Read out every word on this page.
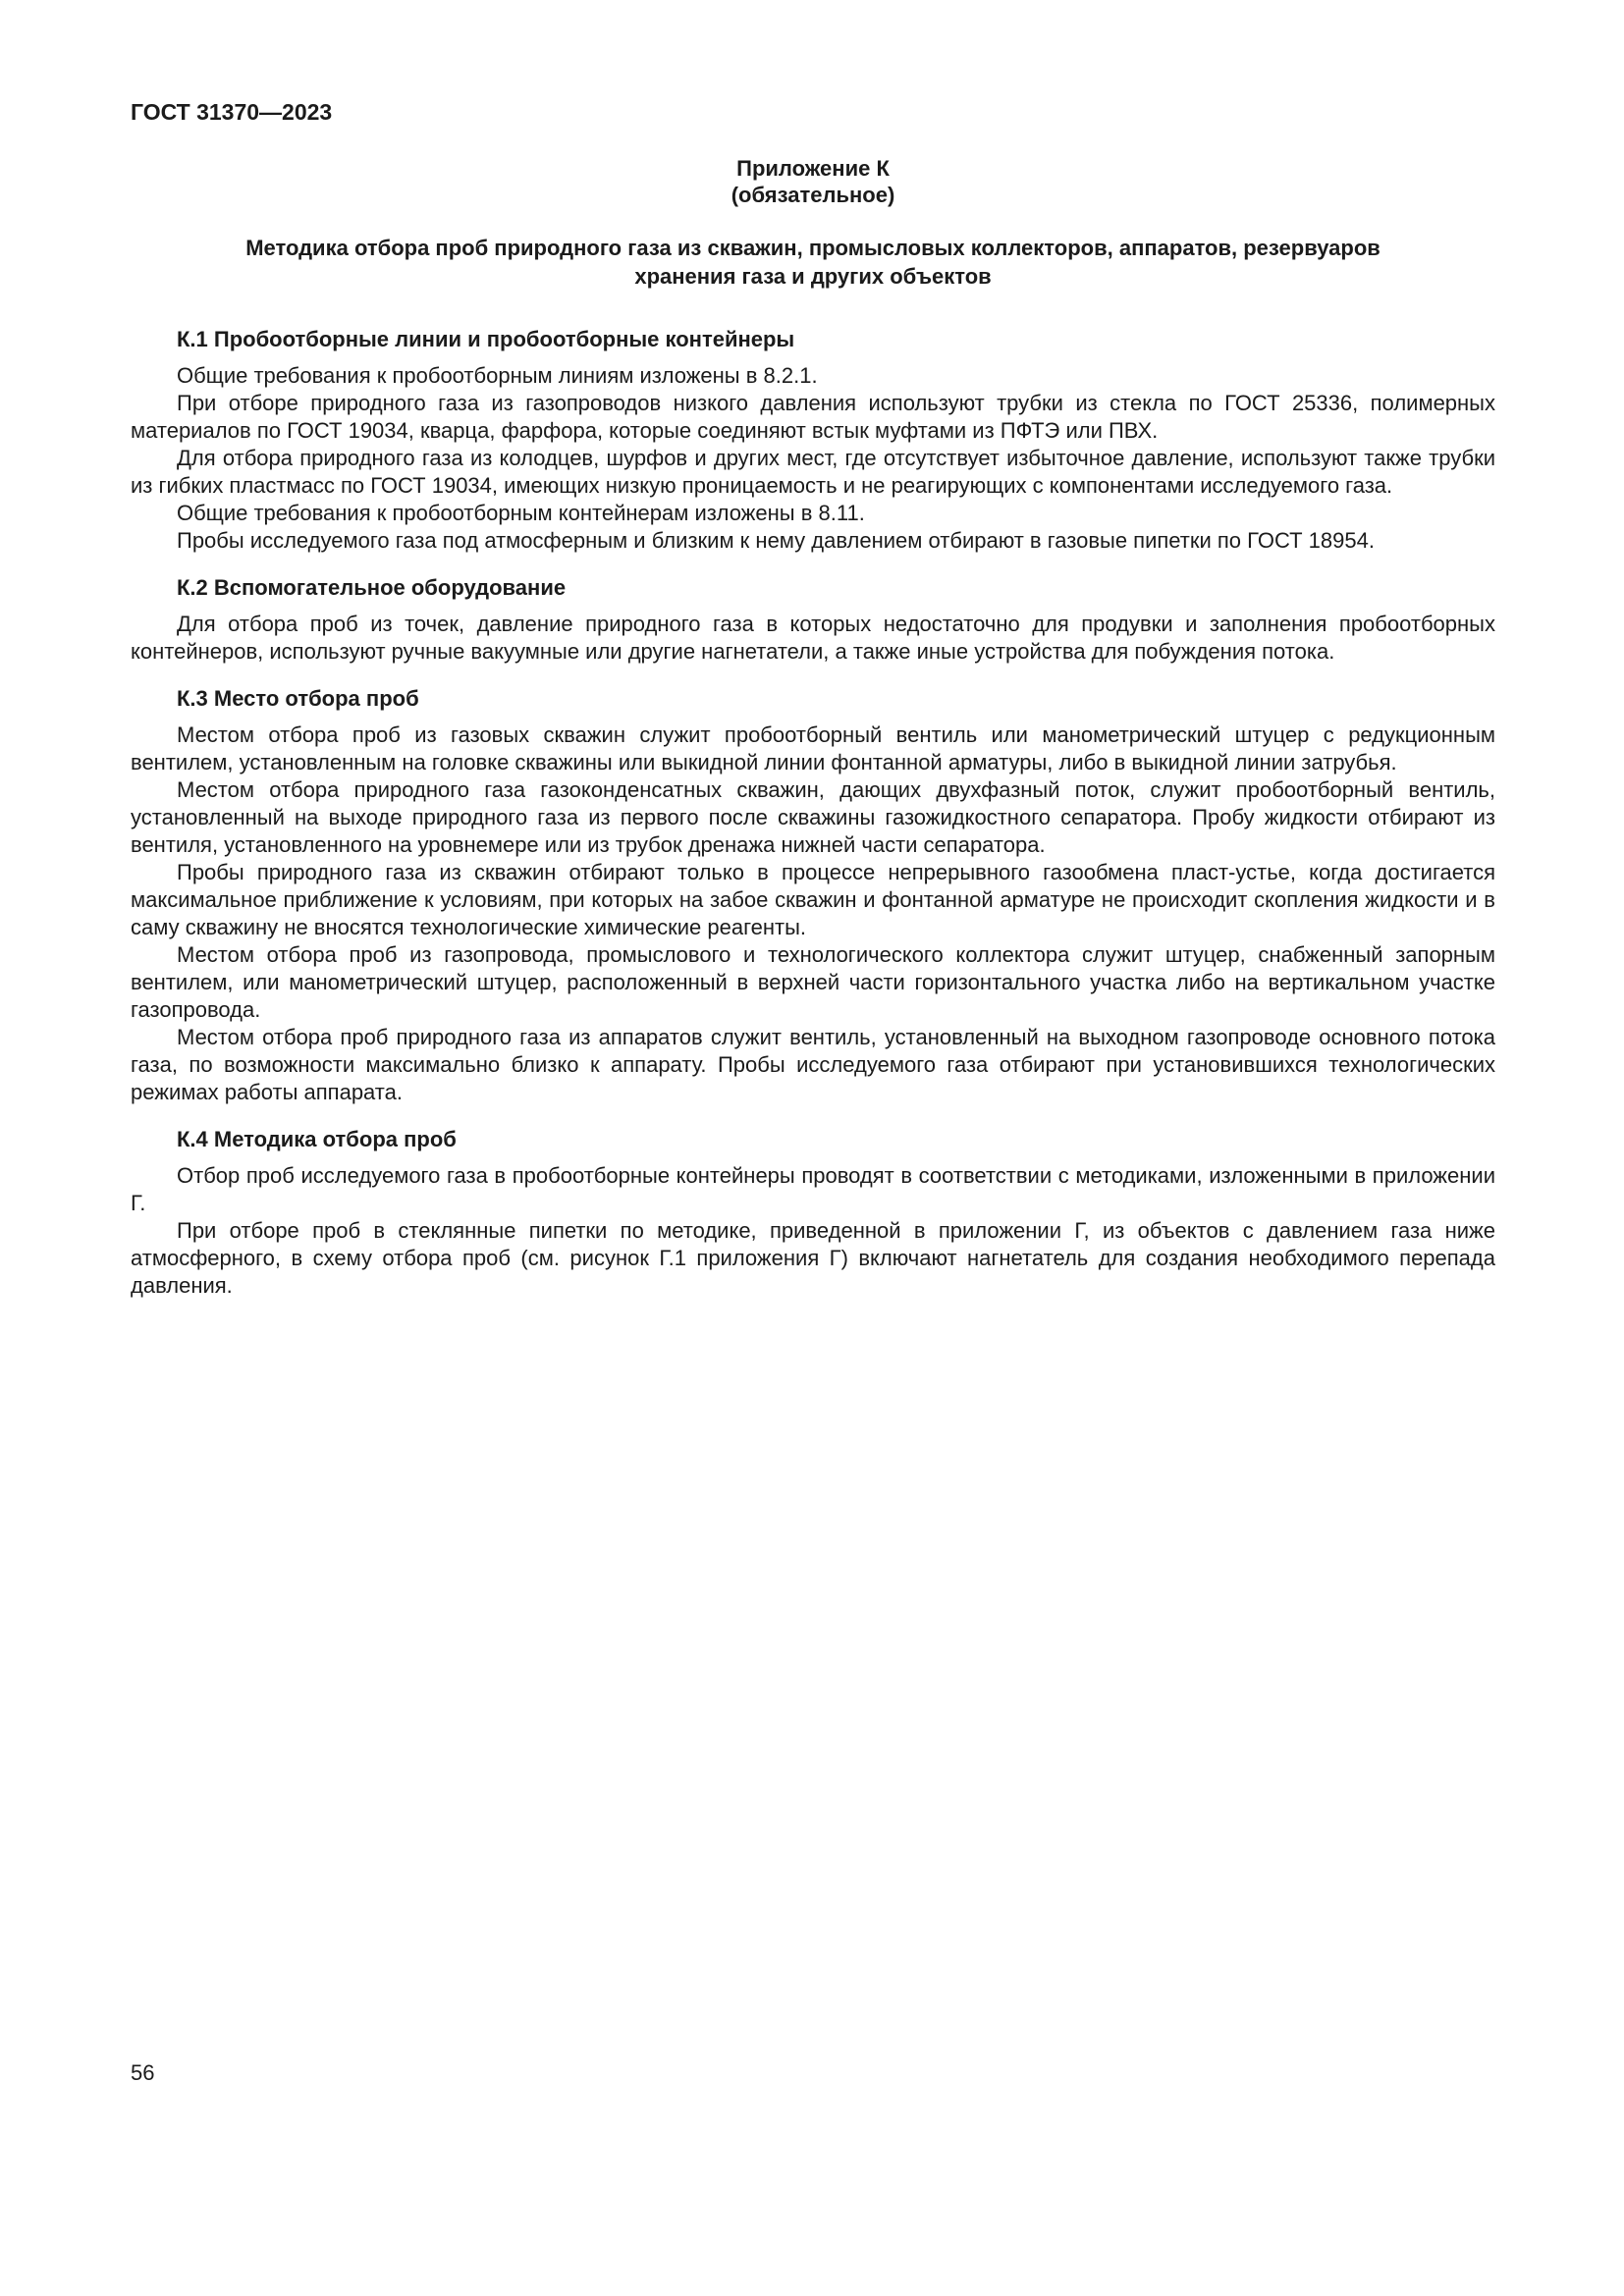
ГОСТ 31370—2023

Приложение К

(обязательное)

Методика отбора проб природного газа из скважин, промысловых коллекторов, аппаратов, резервуаров хранения газа и других объектов
К.1 Пробоотборные линии и пробоотборные контейнеры

Общие требования к пробоотборным линиям изложены в 8.2.1.

При отборе природного газа из газопроводов низкого давления используют трубки из стекла по ГОСТ 25336, полимерных материалов по ГОСТ 19034, кварца, фарфора, которые соединяют встык муфтами из ПФТЭ или ПВХ.

Для отбора природного газа из колодцев, шурфов и других мест, где отсутствует избыточное давление, используют также трубки из гибких пластмасс по ГОСТ 19034, имеющих низкую проницаемость и не реагирующих с компонентами исследуемого газа.

Общие требования к пробоотборным контейнерам изложены в 8.11.

Пробы исследуемого газа под атмосферным и близким к нему давлением отбирают в газовые пипетки по ГОСТ 18954.

К.2 Вспомогательное оборудование

Для отбора проб из точек, давление природного газа в которых недостаточно для продувки и заполнения пробоотборных контейнеров, используют ручные вакуумные или другие нагнетатели, а также иные устройства для побуждения потока.

К.3 Место отбора проб

Местом отбора проб из газовых скважин служит пробоотборный вентиль или манометрический штуцер с редукционным вентилем, установленным на головке скважины или выкидной линии фонтанной арматуры, либо в выкидной линии затрубья.

Местом отбора природного газа газоконденсатных скважин, дающих двухфазный поток, служит пробоотборный вентиль, установленный на выходе природного газа из первого после скважины газожидкостного сепаратора. Пробу жидкости отбирают из вентиля, установленного на уровнемере или из трубок дренажа нижней части сепаратора.

Пробы природного газа из скважин отбирают только в процессе непрерывного газообмена пласт-устье, когда достигается максимальное приближение к условиям, при которых на забое скважин и фонтанной арматуре не происходит скопления жидкости и в саму скважину не вносятся технологические химические реагенты.

Местом отбора проб из газопровода, промыслового и технологического коллектора служит штуцер, снабженный запорным вентилем, или манометрический штуцер, расположенный в верхней части горизонтального участка либо на вертикальном участке газопровода.

Местом отбора проб природного газа из аппаратов служит вентиль, установленный на выходном газопроводе основного потока газа, по возможности максимально близко к аппарату. Пробы исследуемого газа отбирают при установившихся технологических режимах работы аппарата.

К.4 Методика отбора проб

Отбор проб исследуемого газа в пробоотборные контейнеры проводят в соответствии с методиками, изложенными в приложении Г.

При отборе проб в стеклянные пипетки по методике, приведенной в приложении Г, из объектов с давлением газа ниже атмосферного, в схему отбора проб (см. рисунок Г.1 приложения Г) включают нагнетатель для создания необходимого перепада давления.

56
